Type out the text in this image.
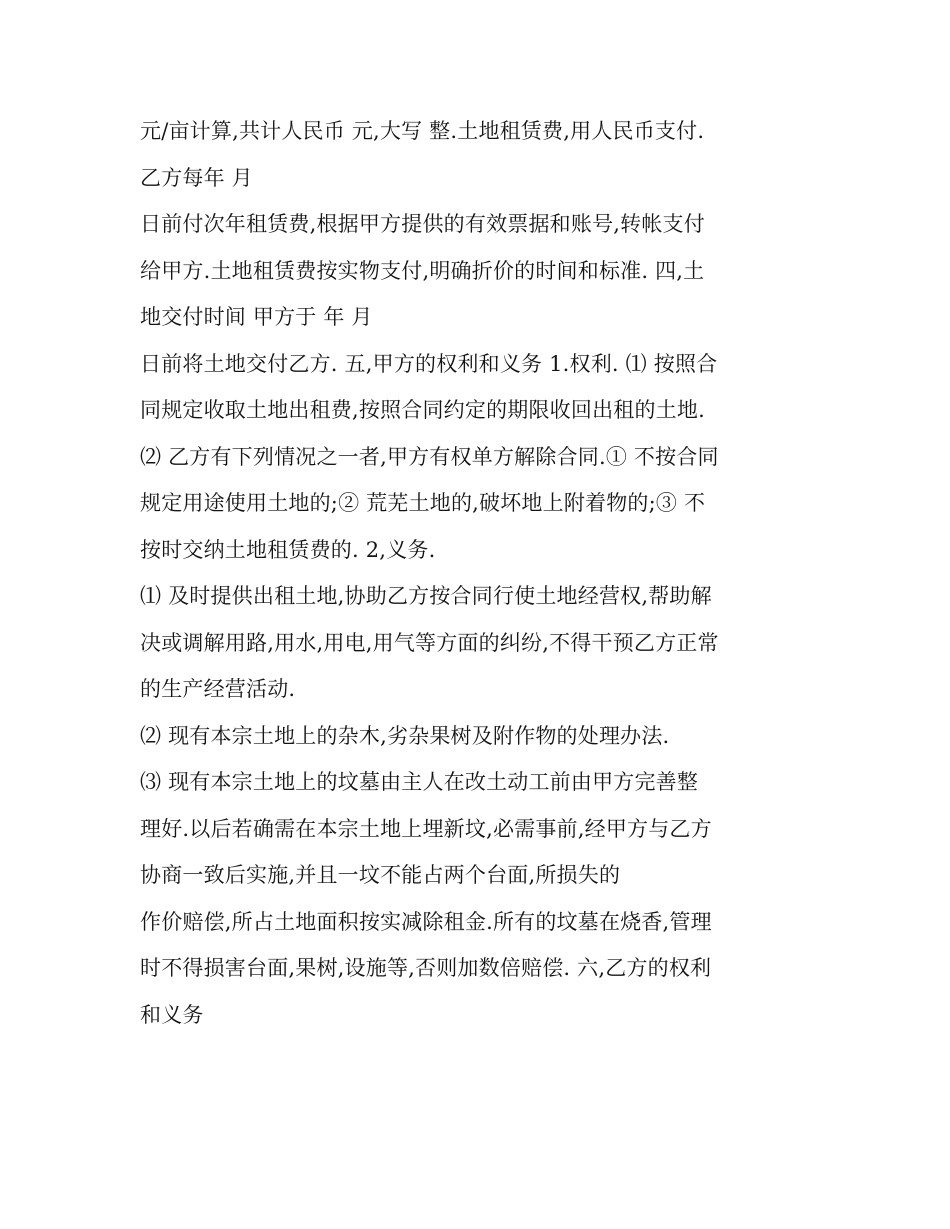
元/亩计算,共计人民币 元,大写 整.土地租赁费,用人民币支付.
乙方每年 月
日前付次年租赁费,根据甲方提供的有效票据和账号,转帐支付
给甲方.土地租赁费按实物支付,明确折价的时间和标准. 四,土
地交付时间 甲方于 年 月
日前将土地交付乙方. 五,甲方的权利和义务 1.权利. ⑴ 按照合
同规定收取土地出租费,按照合同约定的期限收回出租的土地.
⑵ 乙方有下列情况之一者,甲方有权单方解除合同.① 不按合同
规定用途使用土地的;② 荒芜土地的,破坏地上附着物的;③ 不
按时交纳土地租赁费的. 2,义务.
⑴ 及时提供出租土地,协助乙方按合同行使土地经营权,帮助解
决或调解用路,用水,用电,用气等方面的纠纷,不得干预乙方正常
的生产经营活动.
⑵ 现有本宗土地上的杂木,劣杂果树及附作物的处理办法.
⑶ 现有本宗土地上的坟墓由主人在改土动工前由甲方完善整
理好.以后若确需在本宗土地上埋新坟,必需事前,经甲方与乙方
协商一致后实施,并且一坟不能占两个台面,所损失的
作价赔偿,所占土地面积按实减除租金.所有的坟墓在烧香,管理
时不得损害台面,果树,设施等,否则加数倍赔偿. 六,乙方的权利
和义务
